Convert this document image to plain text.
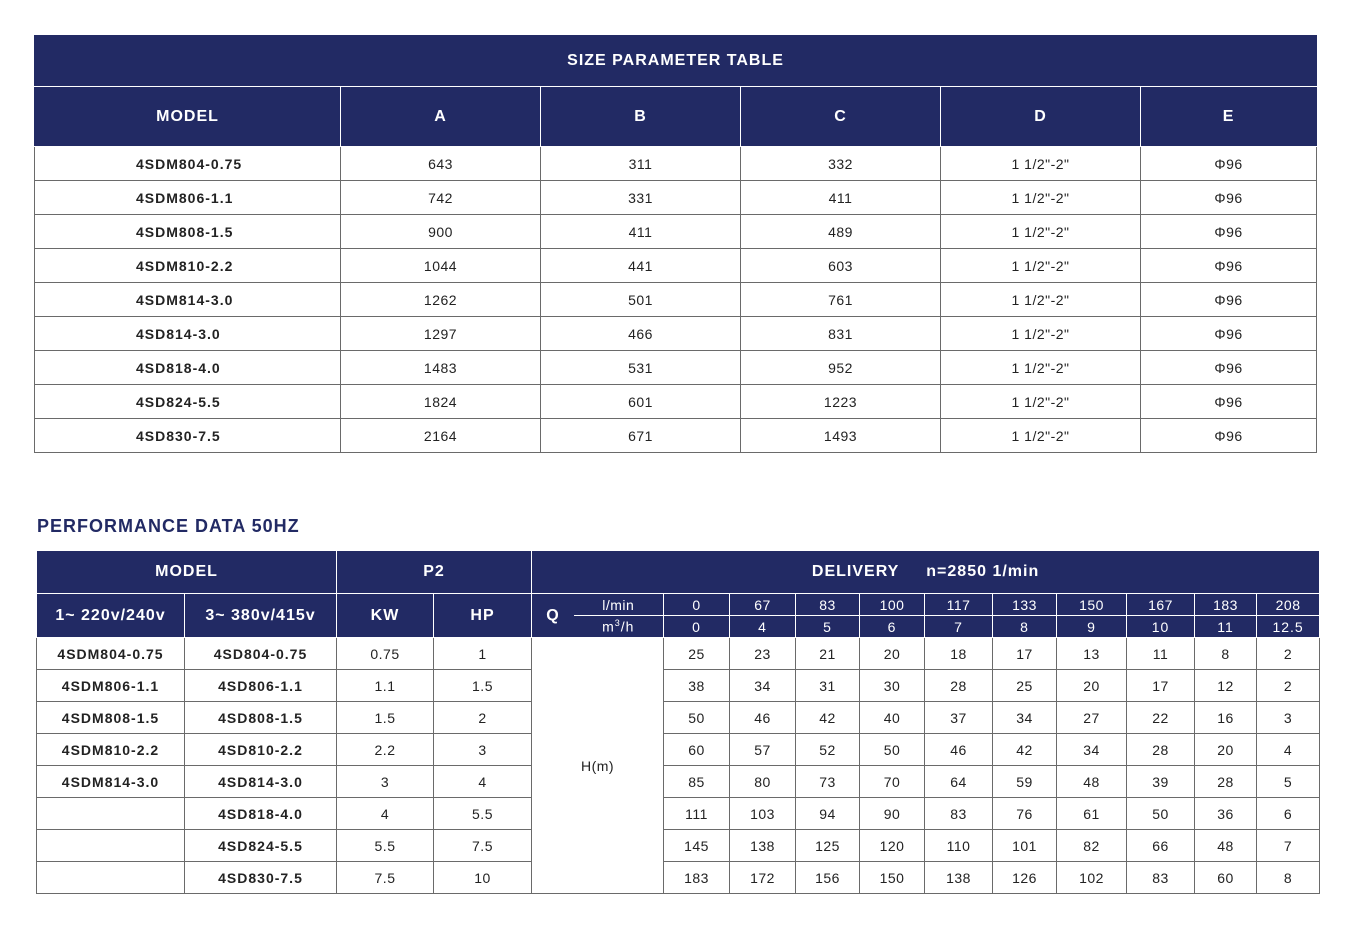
SIZE PARAMETER TABLE					
MODEL	A	B	C	D	E
4SDM804-0.75	643	311	332	1 1/2"-2"	Φ96
4SDM806-1.1	742	331	411	1 1/2"-2"	Φ96
4SDM808-1.5	900	411	489	1 1/2"-2"	Φ96
4SDM810-2.2	1044	441	603	1 1/2"-2"	Φ96
4SDM814-3.0	1262	501	761	1 1/2"-2"	Φ96
4SD814-3.0	1297	466	831	1 1/2"-2"	Φ96
4SD818-4.0	1483	531	952	1 1/2"-2"	Φ96
4SD824-5.5	1824	601	1223	1 1/2"-2"	Φ96
4SD830-7.5	2164	671	1493	1 1/2"-2"	Φ96
PERFORMANCE DATA 50HZ
MODEL		P2		DELIVERY     n=2850 1/min											
1~ 220v/240v	3~ 380v/415v	KW	HP	Q	l/min	0	67	83	100	117	133	150	167	183	208
					$m^3/h$	0	4	5	6	7	8	9	10	11	12.5
4SDM804-0.75	4SD804-0.75	0.75	1	H(m)		25	23	21	20	18	17	13	11	8	2
4SDM806-1.1	4SD806-1.1	1.1	1.5			38	34	31	30	28	25	20	17	12	2
4SDM808-1.5	4SD808-1.5	1.5	2			50	46	42	40	37	34	27	22	16	3
4SDM810-2.2	4SD810-2.2	2.2	3			60	57	52	50	46	42	34	28	20	4
4SDM814-3.0	4SD814-3.0	3	4			85	80	73	70	64	59	48	39	28	5
	4SD818-4.0	4	5.5			111	103	94	90	83	76	61	50	36	6
	4SD824-5.5	5.5	7.5			145	138	125	120	110	101	82	66	48	7
	4SD830-7.5	7.5	10			183	172	156	150	138	126	102	83	60	8
